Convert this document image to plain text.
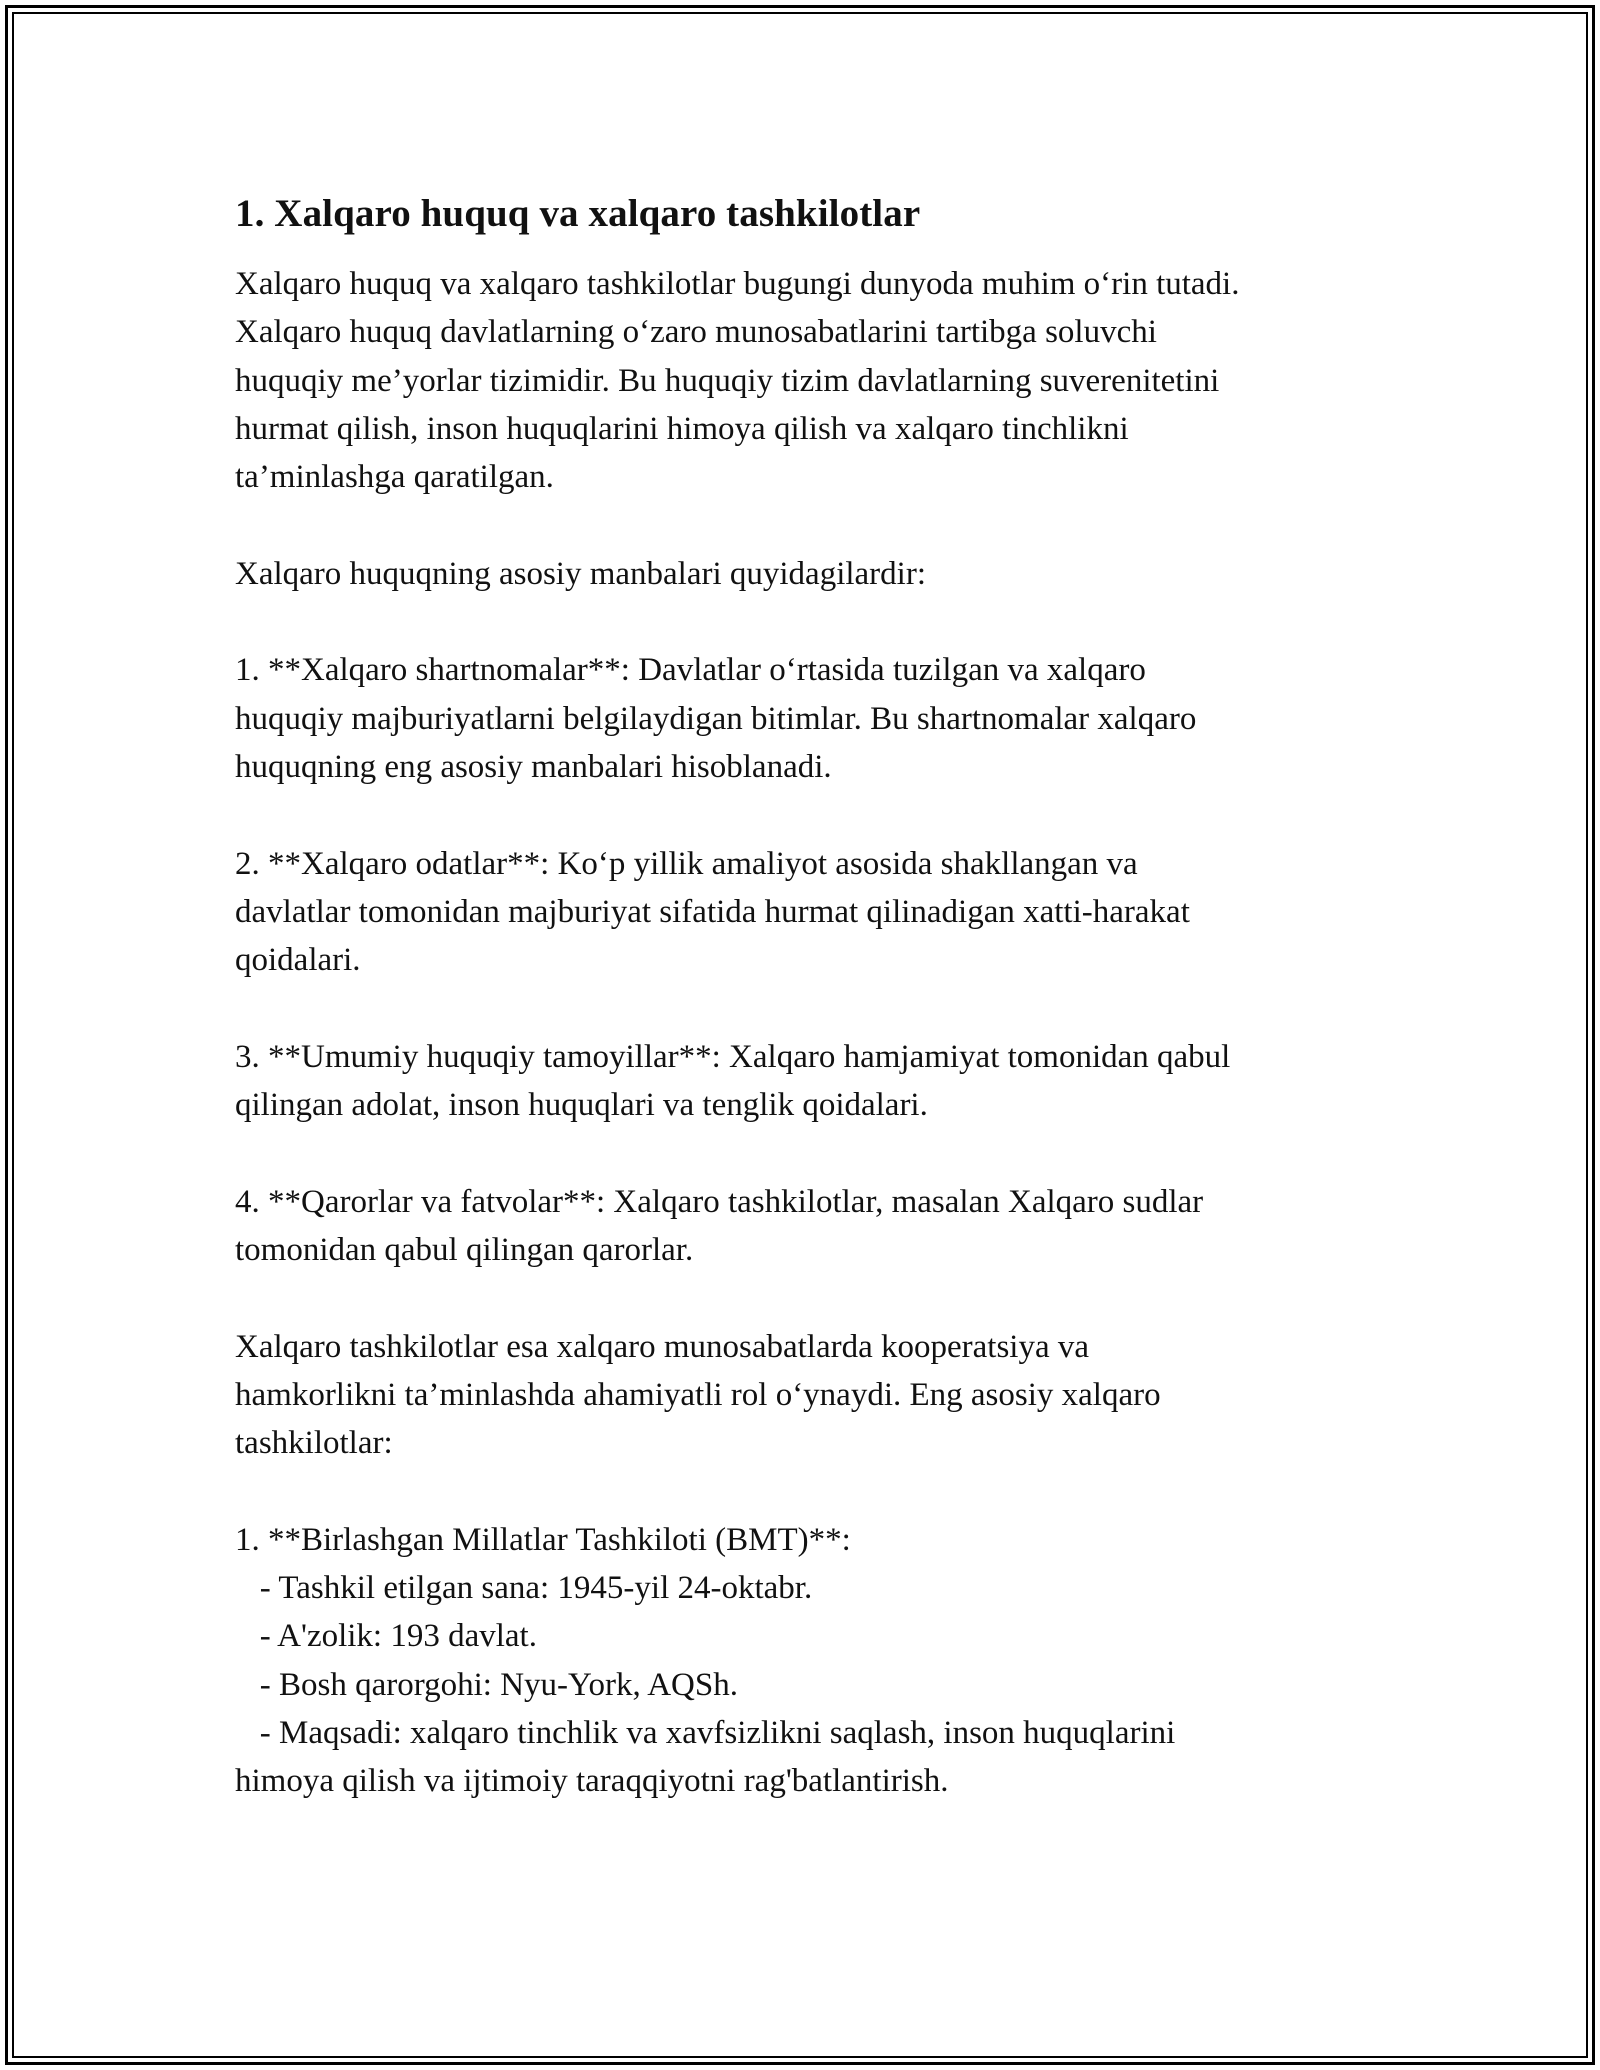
1. Xalqaro huquq va xalqaro tashkilotlar
Xalqaro huquq va xalqaro tashkilotlar bugungi dunyoda muhim o‘rin tutadi.
Xalqaro huquq davlatlarning o‘zaro munosabatlarini tartibga soluvchi
huquqiy me’yorlar tizimidir. Bu huquqiy tizim davlatlarning suverenitetini
hurmat qilish, inson huquqlarini himoya qilish va xalqaro tinchlikni
ta’minlashga qaratilgan.

Xalqaro huquqning asosiy manbalari quyidagilardir:

1. **Xalqaro shartnomalar**: Davlatlar o‘rtasida tuzilgan va xalqaro
huquqiy majburiyatlarni belgilaydigan bitimlar. Bu shartnomalar xalqaro
huquqning eng asosiy manbalari hisoblanadi.

2. **Xalqaro odatlar**: Ko‘p yillik amaliyot asosida shakllangan va
davlatlar tomonidan majburiyat sifatida hurmat qilinadigan xatti-harakat
qoidalari.

3. **Umumiy huquqiy tamoyillar**: Xalqaro hamjamiyat tomonidan qabul
qilingan adolat, inson huquqlari va tenglik qoidalari.

4. **Qarorlar va fatvolar**: Xalqaro tashkilotlar, masalan Xalqaro sudlar
tomonidan qabul qilingan qarorlar.

Xalqaro tashkilotlar esa xalqaro munosabatlarda kooperatsiya va
hamkorlikni ta’minlashda ahamiyatli rol o‘ynaydi. Eng asosiy xalqaro
tashkilotlar:

1. **Birlashgan Millatlar Tashkiloti (BMT)**:
- Tashkil etilgan sana: 1945-yil 24-oktabr.
- A'zolik: 193 davlat.
- Bosh qarorgohi: Nyu-York, AQSh.
- Maqsadi: xalqaro tinchlik va xavfsizlikni saqlash, inson huquqlarini
himoya qilish va ijtimoiy taraqqiyotni rag'batlantirish.
